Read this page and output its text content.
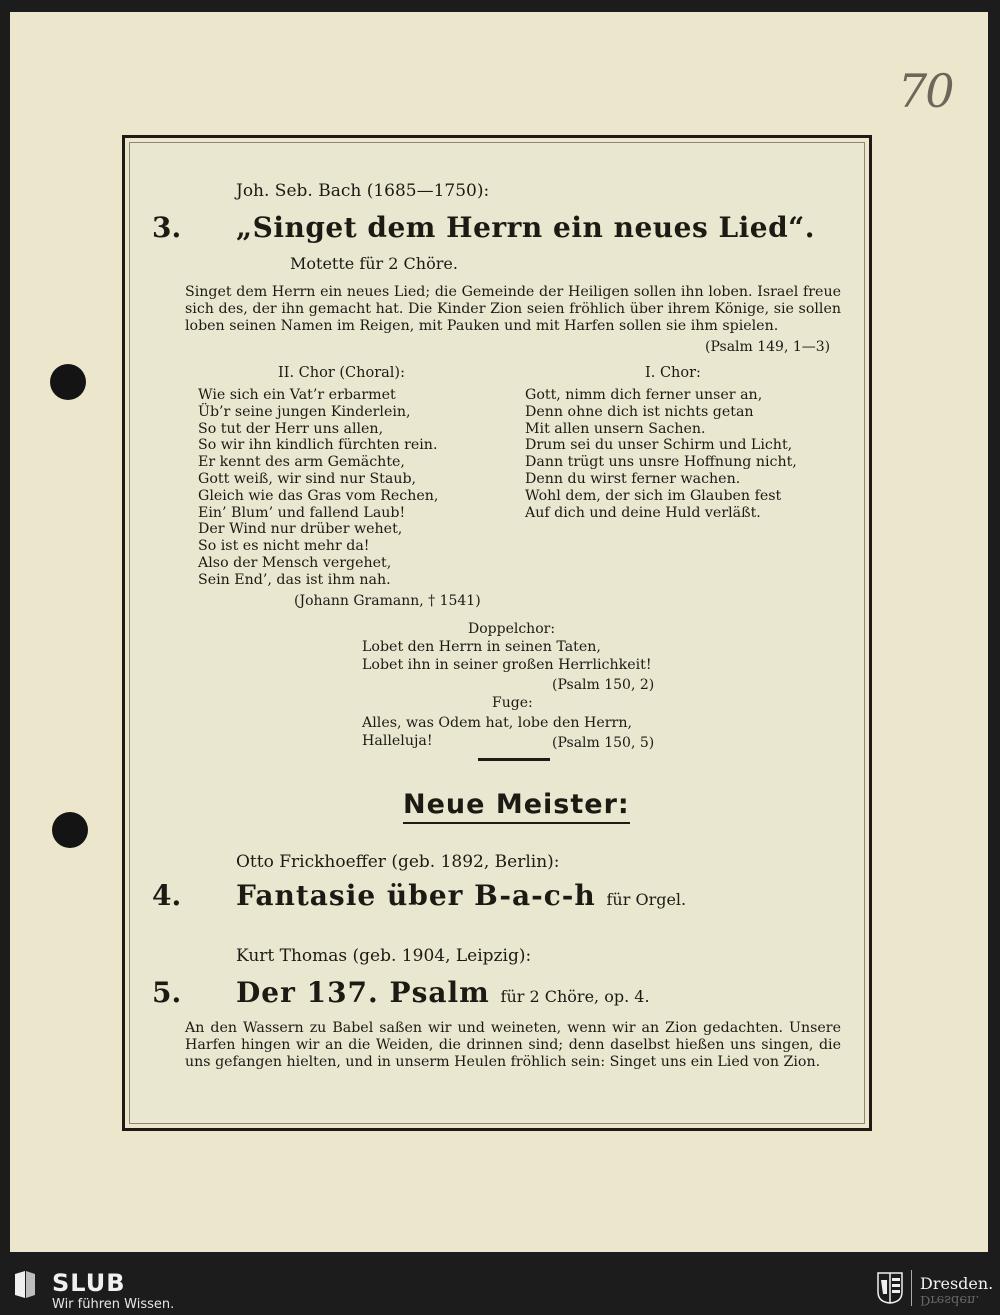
70
Joh. Seb. Bach (1685—1750):
3. „Singet dem Herrn ein neues Lied“.
Motette für 2 Chöre.
Singet dem Herrn ein neues Lied; die Gemeinde der Heiligen sollen ihn loben. Israel freue sich des, der ihn gemacht hat. Die Kinder Zion seien fröhlich über ihrem Könige, sie sollen loben seinen Namen im Reigen, mit Pauken und mit Harfen sollen sie ihm spielen.
(Psalm 149, 1—3)
II. Chor (Choral):	I. Chor:
Wie sich ein Vat’r erbarmet
Üb’r seine jungen Kinderlein,
So tut der Herr uns allen,
So wir ihn kindlich fürchten rein.
Er kennt des arm Gemächte,
Gott weiß, wir sind nur Staub,
Gleich wie das Gras vom Rechen,
Ein’ Blum’ und fallend Laub!
Der Wind nur drüber wehet,
So ist es nicht mehr da!
Also der Mensch vergehet,
Sein End’, das ist ihm nah.
(Johann Gramann, † 1541)
Gott, nimm dich ferner unser an,
Denn ohne dich ist nichts getan
Mit allen unsern Sachen.
Drum sei du unser Schirm und Licht,
Dann trügt uns unsre Hoffnung nicht,
Denn du wirst ferner wachen.
Wohl dem, der sich im Glauben fest
Auf dich und deine Huld verläßt.
Doppelchor:
Lobet den Herrn in seinen Taten,
Lobet ihn in seiner großen Herrlichkeit!
(Psalm 150, 2)
Fuge:
Alles, was Odem hat, lobe den Herrn,
Halleluja!	(Psalm 150, 5)
Neue Meister:
Otto Frickhoeffer (geb. 1892, Berlin):
4. Fantasie über B-a-c-h für Orgel.
Kurt Thomas (geb. 1904, Leipzig):
5. Der 137. Psalm für 2 Chöre, op. 4.
An den Wassern zu Babel saßen wir und weineten, wenn wir an Zion gedachten. Unsere Harfen hingen wir an die Weiden, die drinnen sind; denn daselbst hießen uns singen, die uns gefangen hielten, und in unserm Heulen fröhlich sein: Singet uns ein Lied von Zion.
SLUB
Wir führen Wissen.
Dresden.
Dresden.
